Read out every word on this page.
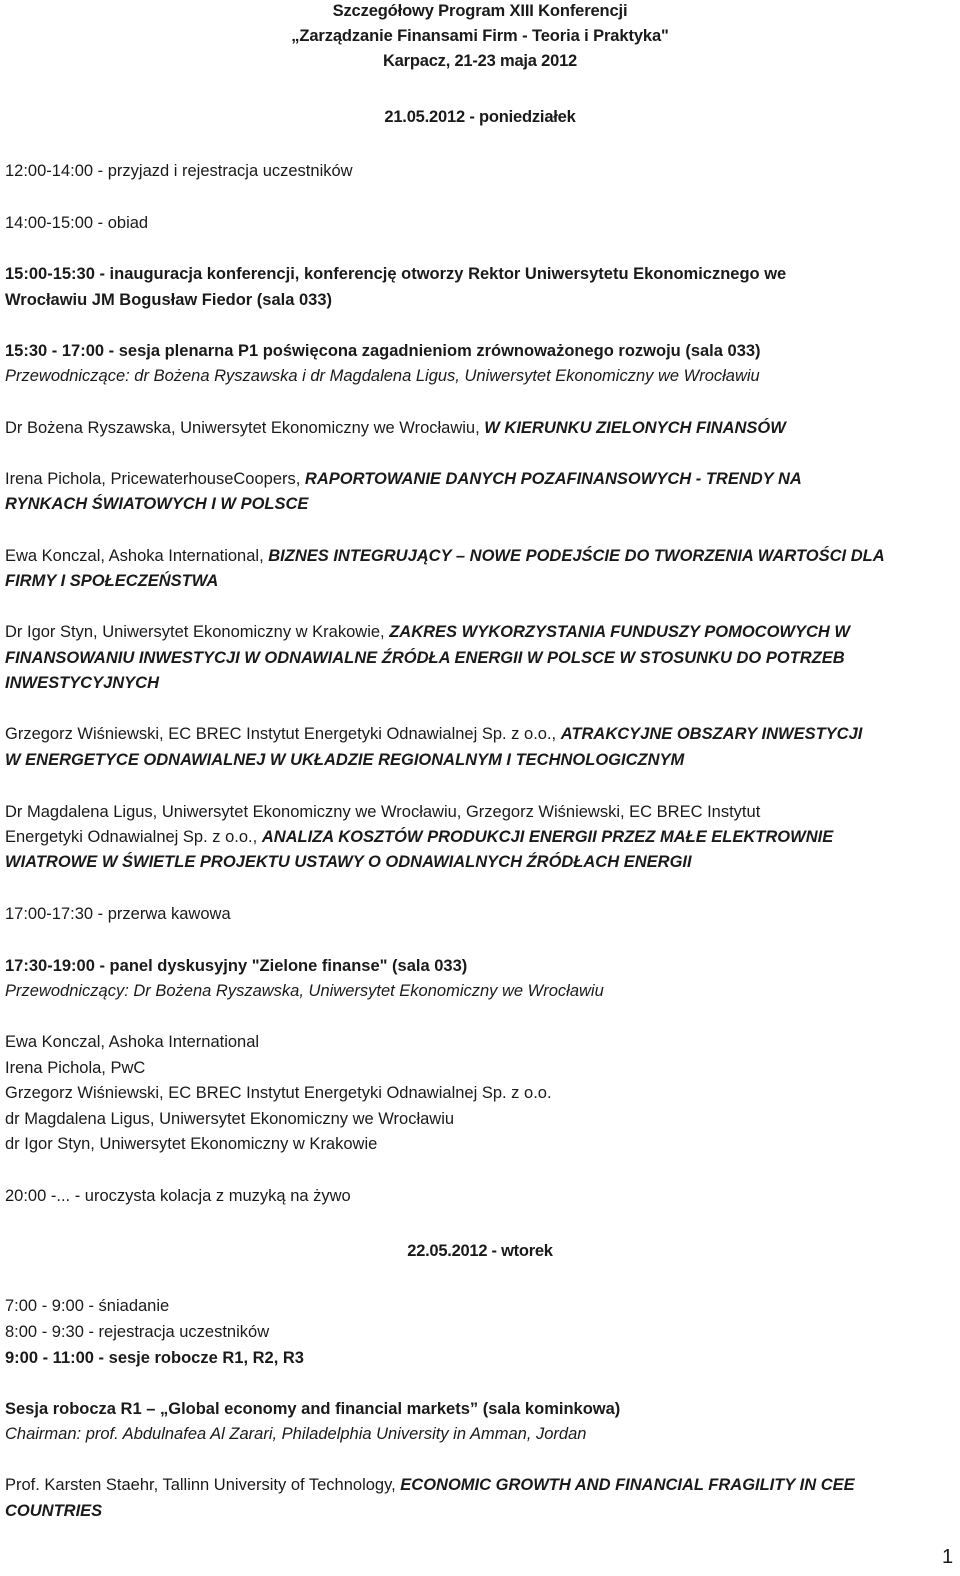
Szczegółowy Program XIII Konferencji
„Zarządzanie Finansami Firm - Teoria i Praktyka"
Karpacz, 21-23 maja 2012
21.05.2012 - poniedziałek
12:00-14:00 - przyjazd i rejestracja uczestników
14:00-15:00 - obiad
15:00-15:30 - inauguracja konferencji, konferencję otworzy Rektor Uniwersytetu Ekonomicznego we
Wrocławiu JM Bogusław Fiedor (sala 033)
15:30 - 17:00 - sesja plenarna P1 poświęcona zagadnieniom zrównoważonego rozwoju (sala 033)
Przewodniczące: dr Bożena Ryszawska i dr Magdalena Ligus, Uniwersytet Ekonomiczny we Wrocławiu
Dr Bożena Ryszawska, Uniwersytet Ekonomiczny we Wrocławiu, W KIERUNKU ZIELONYCH FINANSÓW
Irena Pichola, PricewaterhouseCoopers, RAPORTOWANIE DANYCH POZAFINANSOWYCH - TRENDY NA
RYNKACH ŚWIATOWYCH I W POLSCE
Ewa Konczal, Ashoka International, BIZNES INTEGRUJĄCY – NOWE PODEJŚCIE DO TWORZENIA WARTOŚCI DLA
FIRMY I SPOŁECZEŃSTWA
Dr Igor Styn, Uniwersytet Ekonomiczny w Krakowie, ZAKRES WYKORZYSTANIA FUNDUSZY POMOCOWYCH W
FINANSOWANIU INWESTYCJI W ODNAWIALNE ŹRÓDŁA ENERGII W POLSCE W STOSUNKU DO POTRZEB
INWESTYCYJNYCH
Grzegorz Wiśniewski, EC BREC Instytut Energetyki Odnawialnej Sp. z o.o., ATRAKCYJNE OBSZARY INWESTYCJI
W ENERGETYCE ODNAWIALNEJ W UKŁADZIE REGIONALNYM I TECHNOLOGICZNYM
Dr Magdalena Ligus, Uniwersytet Ekonomiczny we Wrocławiu, Grzegorz Wiśniewski, EC BREC Instytut
Energetyki Odnawialnej Sp. z o.o., ANALIZA KOSZTÓW PRODUKCJI ENERGII PRZEZ MAŁE ELEKTROWNIE
WIATROWE W ŚWIETLE PROJEKTU USTAWY O ODNAWIALNYCH ŹRÓDŁACH ENERGII
17:00-17:30 - przerwa kawowa
17:30-19:00 - panel dyskusyjny "Zielone finanse" (sala 033)
Przewodniczący: Dr Bożena Ryszawska, Uniwersytet Ekonomiczny we Wrocławiu
Ewa Konczal, Ashoka International
Irena Pichola, PwC
Grzegorz Wiśniewski, EC BREC Instytut Energetyki Odnawialnej Sp. z o.o.
dr Magdalena Ligus, Uniwersytet Ekonomiczny we Wrocławiu
dr Igor Styn, Uniwersytet Ekonomiczny w Krakowie
20:00 -... - uroczysta kolacja z muzyką na żywo
22.05.2012 - wtorek
7:00 - 9:00 - śniadanie
8:00 - 9:30 - rejestracja uczestników
9:00 - 11:00 - sesje robocze R1, R2, R3
Sesja robocza R1 – „Global economy and financial markets” (sala kominkowa)
Chairman: prof. Abdulnafea Al Zarari, Philadelphia University in Amman, Jordan
Prof. Karsten Staehr, Tallinn University of Technology, ECONOMIC GROWTH AND FINANCIAL FRAGILITY IN CEE
COUNTRIES
1
